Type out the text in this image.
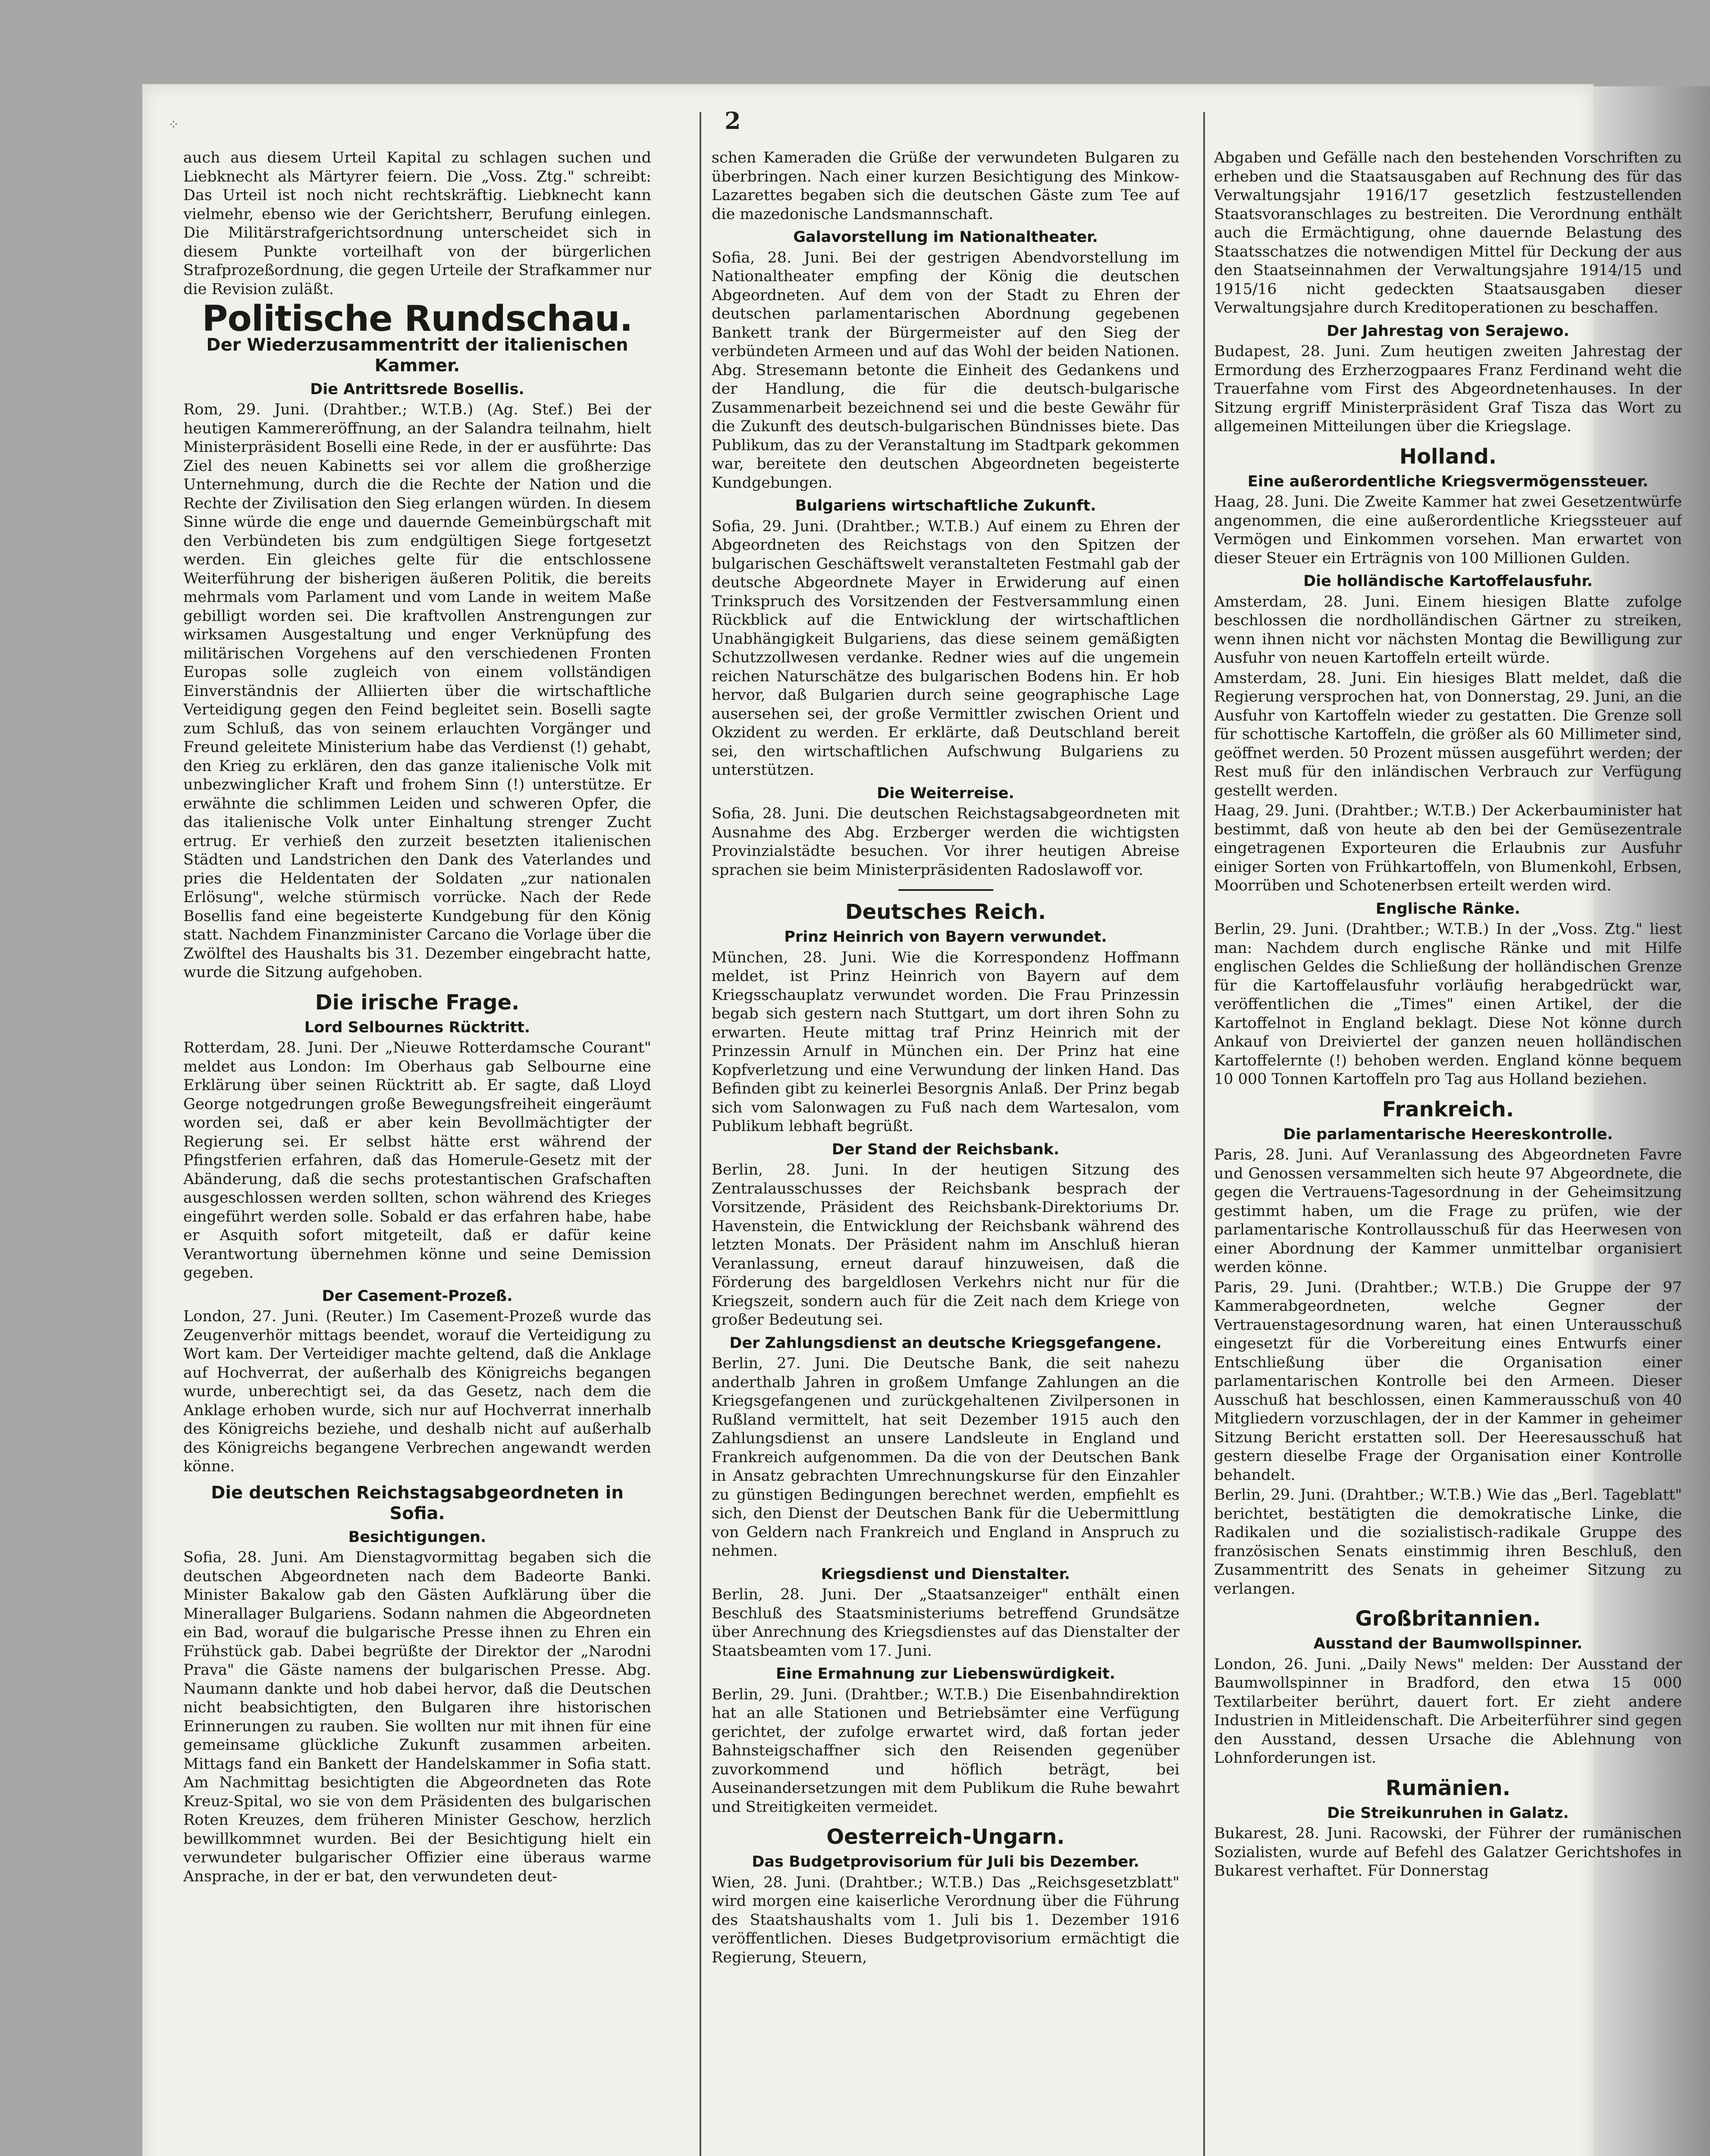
⁘	2

auch aus diesem Urteil Kapital zu schlagen suchen und Liebknecht als Märtyrer feiern. Die „Voss. Ztg." schreibt: Das Urteil ist noch nicht rechtskräftig. Liebknecht kann vielmehr, ebenso wie der Gerichtsherr, Berufung einlegen. Die Militärstrafgerichtsordnung unterscheidet sich in diesem Punkte vorteilhaft von der bürgerlichen Strafprozeßordnung, die gegen Urteile der Strafkammer nur die Revision zuläßt.

Politische Rundschau.
Der Wiederzusammentritt der italienischen Kammer.
Die Antrittsrede Bosellis.

Rom, 29. Juni. (Drahtber.; W.T.B.) (Ag. Stef.) Bei der heutigen Kammereröffnung, an der Salandra teilnahm, hielt Ministerpräsident Boselli eine Rede, in der er ausführte: Das Ziel des neuen Kabinetts sei vor allem die großherzige Unternehmung, durch die die Rechte der Nation und die Rechte der Zivilisation den Sieg erlangen würden. In diesem Sinne würde die enge und dauernde Gemeinbürgschaft mit den Verbündeten bis zum endgültigen Siege fortgesetzt werden. Ein gleiches gelte für die entschlossene Weiterführung der bisherigen äußeren Politik, die bereits mehrmals vom Parlament und vom Lande in weitem Maße gebilligt worden sei. Die kraftvollen Anstrengungen zur wirksamen Ausgestaltung und enger Verknüpfung des militärischen Vorgehens auf den verschiedenen Fronten Europas solle zugleich von einem vollständigen Einverständnis der Alliierten über die wirtschaftliche Verteidigung gegen den Feind begleitet sein. Boselli sagte zum Schluß, das von seinem erlauchten Vorgänger und Freund geleitete Ministerium habe das Verdienst (!) gehabt, den Krieg zu erklären, den das ganze italienische Volk mit unbezwinglicher Kraft und frohem Sinn (!) unterstütze. Er erwähnte die schlimmen Leiden und schweren Opfer, die das italienische Volk unter Einhaltung strenger Zucht ertrug. Er verhieß den zurzeit besetzten italienischen Städten und Landstrichen den Dank des Vaterlandes und pries die Heldentaten der Soldaten „zur nationalen Erlösung", welche stürmisch vorrücke. Nach der Rede Bosellis fand eine begeisterte Kundgebung für den König statt. Nachdem Finanzminister Carcano die Vorlage über die Zwölftel des Haushalts bis 31. Dezember eingebracht hatte, wurde die Sitzung aufgehoben.

Die irische Frage.
Lord Selbournes Rücktritt.

Rotterdam, 28. Juni. Der „Nieuwe Rotterdamsche Courant" meldet aus London: Im Oberhaus gab Selbourne eine Erklärung über seinen Rücktritt ab. Er sagte, daß Lloyd George notgedrungen große Bewegungsfreiheit eingeräumt worden sei, daß er aber kein Bevollmächtigter der Regierung sei. Er selbst hätte erst während der Pfingstferien erfahren, daß das Homerule-Gesetz mit der Abänderung, daß die sechs protestantischen Grafschaften ausgeschlossen werden sollten, schon während des Krieges eingeführt werden solle. Sobald er das erfahren habe, habe er Asquith sofort mitgeteilt, daß er dafür keine Verantwortung übernehmen könne und seine Demission gegeben.

Der Casement-Prozeß.

London, 27. Juni. (Reuter.) Im Casement-Prozeß wurde das Zeugenverhör mittags beendet, worauf die Verteidigung zu Wort kam. Der Verteidiger machte geltend, daß die Anklage auf Hochverrat, der außerhalb des Königreichs begangen wurde, unberechtigt sei, da das Gesetz, nach dem die Anklage erhoben wurde, sich nur auf Hochverrat innerhalb des Königreichs beziehe, und deshalb nicht auf außerhalb des Königreichs begangene Verbrechen angewandt werden könne.

Die deutschen Reichstagsabgeordneten in Sofia.
Besichtigungen.

Sofia, 28. Juni. Am Dienstagvormittag begaben sich die deutschen Abgeordneten nach dem Badeorte Banki. Minister Bakalow gab den Gästen Aufklärung über die Minerallager Bulgariens. Sodann nahmen die Abgeordneten ein Bad, worauf die bulgarische Presse ihnen zu Ehren ein Frühstück gab. Dabei begrüßte der Direktor der „Narodni Prava" die Gäste namens der bulgarischen Presse. Abg. Naumann dankte und hob dabei hervor, daß die Deutschen nicht beabsichtigten, den Bulgaren ihre historischen Erinnerungen zu rauben. Sie wollten nur mit ihnen für eine gemeinsame glückliche Zukunft zusammen arbeiten. Mittags fand ein Bankett der Handelskammer in Sofia statt. Am Nachmittag besichtigten die Abgeordneten das Rote Kreuz-Spital, wo sie von dem Präsidenten des bulgarischen Roten Kreuzes, dem früheren Minister Geschow, herzlich bewillkommnet wurden. Bei der Besichtigung hielt ein verwundeter bulgarischer Offizier eine überaus warme Ansprache, in der er bat, den verwundeten deut-

schen Kameraden die Grüße der verwundeten Bulgaren zu überbringen. Nach einer kurzen Besichtigung des Minkow-Lazarettes begaben sich die deutschen Gäste zum Tee auf die mazedonische Landsmannschaft.

Galavorstellung im Nationaltheater.

Sofia, 28. Juni. Bei der gestrigen Abendvorstellung im Nationaltheater empfing der König die deutschen Abgeordneten. Auf dem von der Stadt zu Ehren der deutschen parlamentarischen Abordnung gegebenen Bankett trank der Bürgermeister auf den Sieg der verbündeten Armeen und auf das Wohl der beiden Nationen. Abg. Stresemann betonte die Einheit des Gedankens und der Handlung, die für die deutsch-bulgarische Zusammenarbeit bezeichnend sei und die beste Gewähr für die Zukunft des deutsch-bulgarischen Bündnisses biete. Das Publikum, das zu der Veranstaltung im Stadtpark gekommen war, bereitete den deutschen Abgeordneten begeisterte Kundgebungen.

Bulgariens wirtschaftliche Zukunft.

Sofia, 29. Juni. (Drahtber.; W.T.B.) Auf einem zu Ehren der Abgeordneten des Reichstags von den Spitzen der bulgarischen Geschäftswelt veranstalteten Festmahl gab der deutsche Abgeordnete Mayer in Erwiderung auf einen Trinkspruch des Vorsitzenden der Festversammlung einen Rückblick auf die Entwicklung der wirtschaftlichen Unabhängigkeit Bulgariens, das diese seinem gemäßigten Schutzzollwesen verdanke. Redner wies auf die ungemein reichen Naturschätze des bulgarischen Bodens hin. Er hob hervor, daß Bulgarien durch seine geographische Lage ausersehen sei, der große Vermittler zwischen Orient und Okzident zu werden. Er erklärte, daß Deutschland bereit sei, den wirtschaftlichen Aufschwung Bulgariens zu unterstützen.

Die Weiterreise.

Sofia, 28. Juni. Die deutschen Reichstagsabgeordneten mit Ausnahme des Abg. Erzberger werden die wichtigsten Provinzialstädte besuchen. Vor ihrer heutigen Abreise sprachen sie beim Ministerpräsidenten Radoslawoff vor.

Deutsches Reich.
Prinz Heinrich von Bayern verwundet.

München, 28. Juni. Wie die Korrespondenz Hoffmann meldet, ist Prinz Heinrich von Bayern auf dem Kriegsschauplatz verwundet worden. Die Frau Prinzessin begab sich gestern nach Stuttgart, um dort ihren Sohn zu erwarten. Heute mittag traf Prinz Heinrich mit der Prinzessin Arnulf in München ein. Der Prinz hat eine Kopfverletzung und eine Verwundung der linken Hand. Das Befinden gibt zu keinerlei Besorgnis Anlaß. Der Prinz begab sich vom Salonwagen zu Fuß nach dem Wartesalon, vom Publikum lebhaft begrüßt.

Der Stand der Reichsbank.

Berlin, 28. Juni. In der heutigen Sitzung des Zentralausschusses der Reichsbank besprach der Vorsitzende, Präsident des Reichsbank-Direktoriums Dr. Havenstein, die Entwicklung der Reichsbank während des letzten Monats. Der Präsident nahm im Anschluß hieran Veranlassung, erneut darauf hinzuweisen, daß die Förderung des bargeldlosen Verkehrs nicht nur für die Kriegszeit, sondern auch für die Zeit nach dem Kriege von großer Bedeutung sei.

Der Zahlungsdienst an deutsche Kriegsgefangene.

Berlin, 27. Juni. Die Deutsche Bank, die seit nahezu anderthalb Jahren in großem Umfange Zahlungen an die Kriegsgefangenen und zurückgehaltenen Zivilpersonen in Rußland vermittelt, hat seit Dezember 1915 auch den Zahlungsdienst an unsere Landsleute in England und Frankreich aufgenommen. Da die von der Deutschen Bank in Ansatz gebrachten Umrechnungskurse für den Einzahler zu günstigen Bedingungen berechnet werden, empfiehlt es sich, den Dienst der Deutschen Bank für die Uebermittlung von Geldern nach Frankreich und England in Anspruch zu nehmen.

Kriegsdienst und Dienstalter.

Berlin, 28. Juni. Der „Staatsanzeiger" enthält einen Beschluß des Staatsministeriums betreffend Grundsätze über Anrechnung des Kriegsdienstes auf das Dienstalter der Staatsbeamten vom 17. Juni.

Eine Ermahnung zur Liebenswürdigkeit.

Berlin, 29. Juni. (Drahtber.; W.T.B.) Die Eisenbahndirektion hat an alle Stationen und Betriebsämter eine Verfügung gerichtet, der zufolge erwartet wird, daß fortan jeder Bahnsteigschaffner sich den Reisenden gegenüber zuvorkommend und höflich beträgt, bei Auseinandersetzungen mit dem Publikum die Ruhe bewahrt und Streitigkeiten vermeidet.

Oesterreich-Ungarn.
Das Budgetprovisorium für Juli bis Dezember.

Wien, 28. Juni. (Drahtber.; W.T.B.) Das „Reichsgesetzblatt" wird morgen eine kaiserliche Verordnung über die Führung des Staatshaushalts vom 1. Juli bis 1. Dezember 1916 veröffentlichen. Dieses Budgetprovisorium ermächtigt die Regierung, Steuern,

Abgaben und Gefälle nach den bestehenden Vorschriften zu erheben und die Staatsausgaben auf Rechnung des für das Verwaltungsjahr 1916/17 gesetzlich festzustellenden Staatsvoranschlages zu bestreiten. Die Verordnung enthält auch die Ermächtigung, ohne dauernde Belastung des Staatsschatzes die notwendigen Mittel für Deckung der aus den Staatseinnahmen der Verwaltungsjahre 1914/15 und 1915/16 nicht gedeckten Staatsausgaben dieser Verwaltungsjahre durch Kreditoperationen zu beschaffen.

Der Jahrestag von Serajewo.

Budapest, 28. Juni. Zum heutigen zweiten Jahrestag der Ermordung des Erzherzogpaares Franz Ferdinand weht die Trauerfahne vom First des Abgeordnetenhauses. In der Sitzung ergriff Ministerpräsident Graf Tisza das Wort zu allgemeinen Mitteilungen über die Kriegslage.

Holland.
Eine außerordentliche Kriegsvermögenssteuer.

Haag, 28. Juni. Die Zweite Kammer hat zwei Gesetzentwürfe angenommen, die eine außerordentliche Kriegssteuer auf Vermögen und Einkommen vorsehen. Man erwartet von dieser Steuer ein Erträgnis von 100 Millionen Gulden.

Die holländische Kartoffelausfuhr.

Amsterdam, 28. Juni. Einem hiesigen Blatte zufolge beschlossen die nordholländischen Gärtner zu streiken, wenn ihnen nicht vor nächsten Montag die Bewilligung zur Ausfuhr von neuen Kartoffeln erteilt würde.

Amsterdam, 28. Juni. Ein hiesiges Blatt meldet, daß die Regierung versprochen hat, von Donnerstag, 29. Juni, an die Ausfuhr von Kartoffeln wieder zu gestatten. Die Grenze soll für schottische Kartoffeln, die größer als 60 Millimeter sind, geöffnet werden. 50 Prozent müssen ausgeführt werden; der Rest muß für den inländischen Verbrauch zur Verfügung gestellt werden.

Haag, 29. Juni. (Drahtber.; W.T.B.) Der Ackerbauminister hat bestimmt, daß von heute ab den bei der Gemüsezentrale eingetragenen Exporteuren die Erlaubnis zur Ausfuhr einiger Sorten von Frühkartoffeln, von Blumenkohl, Erbsen, Moorrüben und Schotenerbsen erteilt werden wird.

Englische Ränke.

Berlin, 29. Juni. (Drahtber.; W.T.B.) In der „Voss. Ztg." liest man: Nachdem durch englische Ränke und mit Hilfe englischen Geldes die Schließung der holländischen Grenze für die Kartoffelausfuhr vorläufig herabgedrückt war, veröffentlichen die „Times" einen Artikel, der die Kartoffelnot in England beklagt. Diese Not könne durch Ankauf von Dreiviertel der ganzen neuen holländischen Kartoffelernte (!) behoben werden. England könne bequem 10 000 Tonnen Kartoffeln pro Tag aus Holland beziehen.

Frankreich.
Die parlamentarische Heereskontrolle.

Paris, 28. Juni. Auf Veranlassung des Abgeordneten Favre und Genossen versammelten sich heute 97 Abgeordnete, die gegen die Vertrauens-Tagesordnung in der Geheimsitzung gestimmt haben, um die Frage zu prüfen, wie der parlamentarische Kontrollausschuß für das Heerwesen von einer Abordnung der Kammer unmittelbar organisiert werden könne.

Paris, 29. Juni. (Drahtber.; W.T.B.) Die Gruppe der 97 Kammerabgeordneten, welche Gegner der Vertrauenstagesordnung waren, hat einen Unterausschuß eingesetzt für die Vorbereitung eines Entwurfs einer Entschließung über die Organisation einer parlamentarischen Kontrolle bei den Armeen. Dieser Ausschuß hat beschlossen, einen Kammerausschuß von 40 Mitgliedern vorzuschlagen, der in der Kammer in geheimer Sitzung Bericht erstatten soll. Der Heeresausschuß hat gestern dieselbe Frage der Organisation einer Kontrolle behandelt.

Berlin, 29. Juni. (Drahtber.; W.T.B.) Wie das „Berl. Tageblatt" berichtet, bestätigten die demokratische Linke, die Radikalen und die sozialistisch-radikale Gruppe des französischen Senats einstimmig ihren Beschluß, den Zusammentritt des Senats in geheimer Sitzung zu verlangen.

Großbritannien.
Ausstand der Baumwollspinner.

London, 26. Juni. „Daily News" melden: Der Ausstand der Baumwollspinner in Bradford, den etwa 15 000 Textilarbeiter berührt, dauert fort. Er zieht andere Industrien in Mitleidenschaft. Die Arbeiterführer sind gegen den Ausstand, dessen Ursache die Ablehnung von Lohnforderungen ist.

Rumänien.
Die Streikunruhen in Galatz.

Bukarest, 28. Juni. Racowski, der Führer der rumänischen Sozialisten, wurde auf Befehl des Galatzer Gerichtshofes in Bukarest verhaftet. Für Donnerstag
